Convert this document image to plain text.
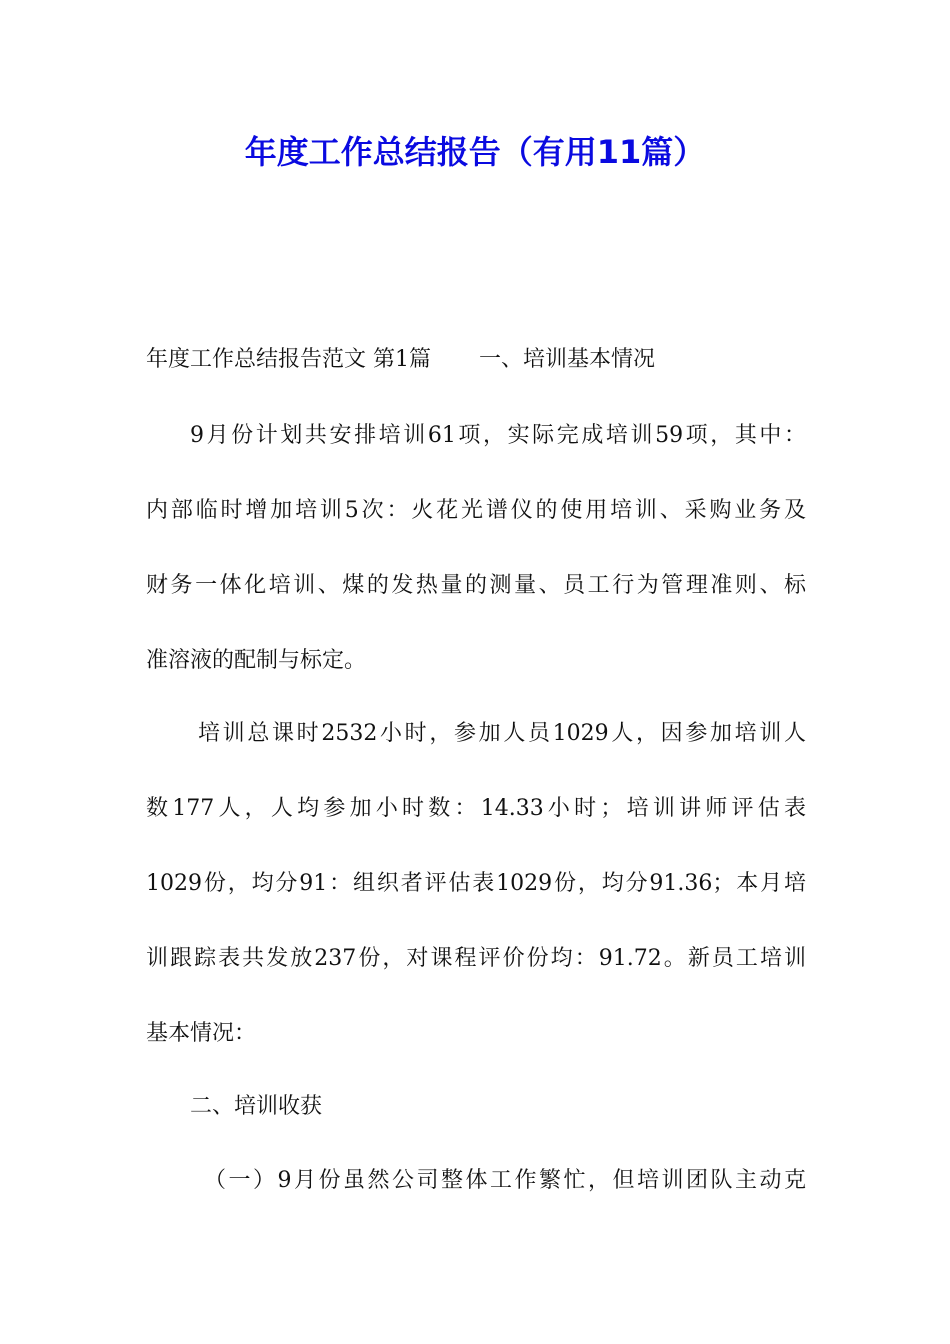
年度工作总结报告（有用11篇）
年度工作总结报告范文 第1篇 一、培训基本情况
9月份计划共安排培训61项，实际完成培训59项，其中：
内部临时增加培训5次：火花光谱仪的使用培训、采购业务及
财务一体化培训、煤的发热量的测量、员工行为管理准则、标
准溶液的配制与标定。
培训总课时2532小时，参加人员1029人，因参加培训人
数177人，人均参加小时数：14.33小时；培训讲师评估表
1029份，均分91：组织者评估表1029份，均分91.36；本月培
训跟踪表共发放237份，对课程评价份均：91.72。新员工培训
基本情况：
二、培训收获
（一）9月份虽然公司整体工作繁忙，但培训团队主动克
